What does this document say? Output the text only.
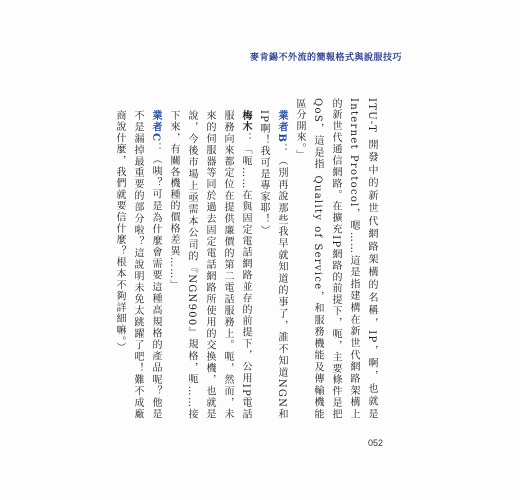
麥肯錫不外流的簡報格式與說服技巧

ITU-T 開發中的新世代網路架構的名稱，IP，啊，也就是 Internet Protocol，嗯……這是指建構在新世代網路架構上的新世代通信網路。在擴充IP網路的前提下，呃，主要條件是把QoS，這是指 Quality of Service，和服務機能及傳輸機能區分開來。」

業者B：（別再說那些我早就知道的事了，誰不知道NGN和IP啊！我可是專家耶！）

梅木：「呃……在與固定電話網路並存的前提下，公用IP電話服務向來都定位在提供廉價的第二電話服務上。呃，然而，未來的伺服器等同於過去固定電話網路所使用的交換機，也就是說，今後市場上亟需本公司的『NGN900』規格，呃……接下來，有關各機種的價格差異……」

業者C：（咦？可是為什麼會需要這種高規格的產品呢？他是不是漏掉最重要的部分啦？這說明未免太跳躍了吧！難不成廠商說什麼，我們就要信什麼？根本不夠詳細嘛。）

052
